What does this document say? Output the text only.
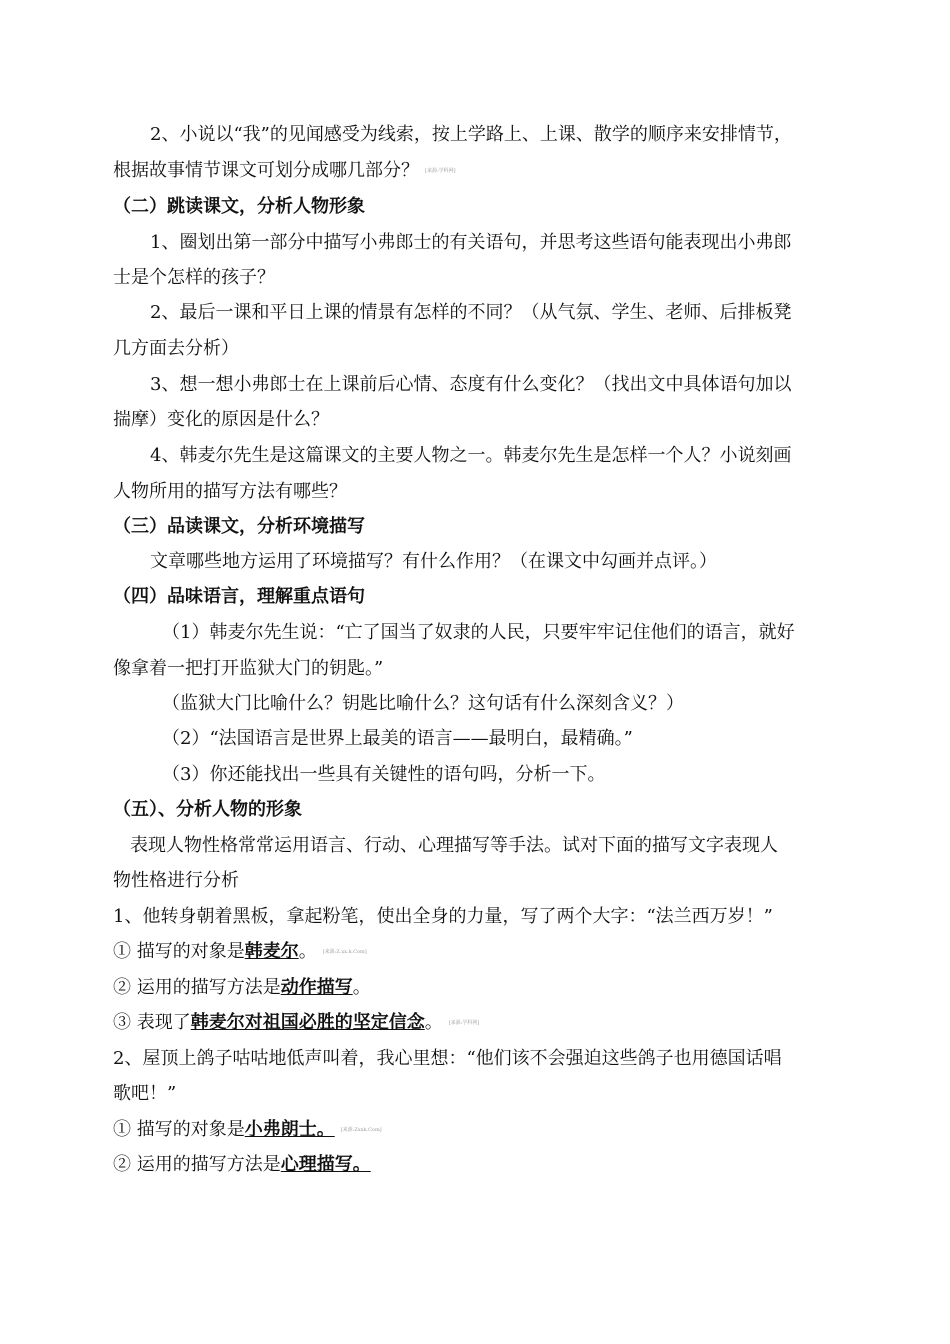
2、小说以“我”的见闻感受为线索，按上学路上、上课、散学的顺序来安排情节，
根据故事情节课文可划分成哪几部分？ [来源:学科网]
（二）跳读课文，分析人物形象
1、圈划出第一部分中描写小弗郎士的有关语句，并思考这些语句能表现出小弗郎
士是个怎样的孩子？
2、最后一课和平日上课的情景有怎样的不同？（从气氛、学生、老师、后排板凳
几方面去分析）
3、想一想小弗郎士在上课前后心情、态度有什么变化？（找出文中具体语句加以
揣摩）变化的原因是什么？
4、韩麦尔先生是这篇课文的主要人物之一。韩麦尔先生是怎样一个人？小说刻画
人物所用的描写方法有哪些？
（三）品读课文，分析环境描写
文章哪些地方运用了环境描写？有什么作用？（在课文中勾画并点评。）
（四）品味语言，理解重点语句
（1）韩麦尔先生说：“亡了国当了奴隶的人民，只要牢牢记住他们的语言，就好
像拿着一把打开监狱大门的钥匙。”
（监狱大门比喻什么？钥匙比喻什么？这句话有什么深刻含义？）
（2）“法国语言是世界上最美的语言——最明白，最精确。”
（3）你还能找出一些具有关键性的语句吗，分析一下。
（五）、分析人物的形象
表现人物性格常常运用语言、行动、心理描写等手法。试对下面的描写文字表现人
物性格进行分析
1、他转身朝着黑板，拿起粉笔，使出全身的力量，写了两个大字：“法兰西万岁！”
① 描写的对象是韩麦尔。 [来源:Z.xx.k.Com]
② 运用的描写方法是动作描写。
③ 表现了韩麦尔对祖国必胜的坚定信念。 [来源:学科网]
2、屋顶上鸽子咕咕地低声叫着，我心里想：“他们该不会强迫这些鸽子也用德国话唱
歌吧！”
① 描写的对象是小弗朗士。 [来源:Zxxk.Com]
② 运用的描写方法是心理描写。
